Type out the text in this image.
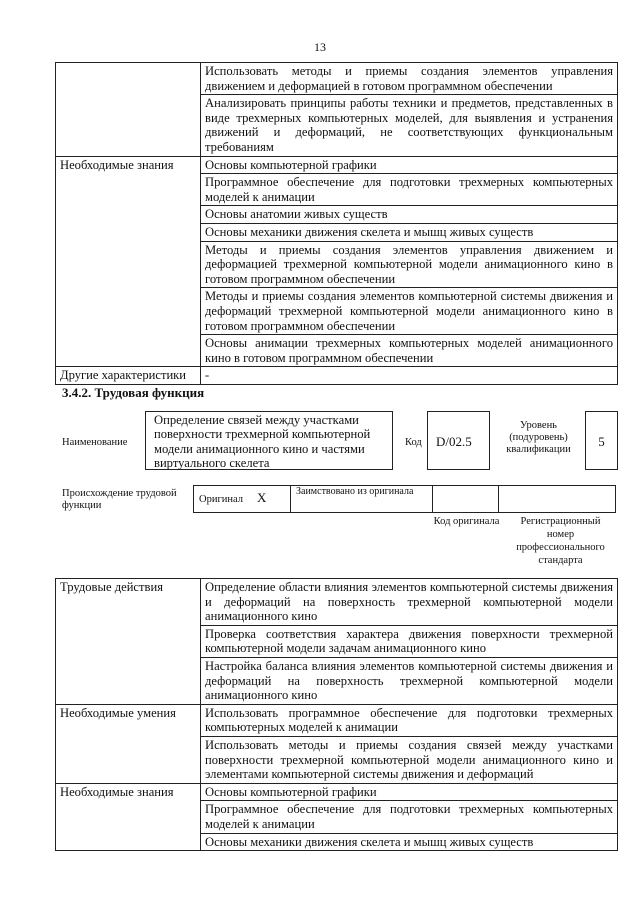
13
	Использовать методы и приемы создания элементов управления движением и деформацией в готовом программном обеспечении
	Анализировать принципы работы техники и предметов, представленных в виде трехмерных компьютерных моделей, для выявления и устранения движений и деформаций, не соответствующих функциональным требованиям
Необходимые знания	Основы компьютерной графики
	Программное обеспечение для подготовки трехмерных компьютерных моделей к анимации
	Основы анатомии живых существ
	Основы механики движения скелета и мышц живых существ
	Методы и приемы создания элементов управления движением и деформацией трехмерной компьютерной модели анимационного кино в готовом программном обеспечении
	Методы и приемы создания элементов компьютерной системы движения и деформаций трехмерной компьютерной модели анимационного кино в готовом программном обеспечении
	Основы анимации трехмерных компьютерных моделей анимационного кино в готовом программном обеспечении
Другие характеристики	-
3.4.2. Трудовая функция
Наименование
Определение связей между участками поверхности трехмерной компьютерной модели анимационного кино и частями виртуального скелета
Код	D/02.5
Уровень (подуровень) квалификации
5
Происхождение трудовой функции
Оригинал X	Заимствовано из оригинала		
Код оригинала	Регистрационный номер профессионального стандарта
Трудовые действия	Определение области влияния элементов компьютерной системы движения и деформаций на поверхность трехмерной компьютерной модели анимационного кино
	Проверка соответствия характера движения поверхности трехмерной компьютерной модели задачам анимационного кино
	Настройка баланса влияния элементов компьютерной системы движения и деформаций на поверхность трехмерной компьютерной модели анимационного кино
Необходимые умения	Использовать программное обеспечение для подготовки трехмерных компьютерных моделей к анимации
	Использовать методы и приемы создания связей между участками поверхности трехмерной компьютерной модели анимационного кино и элементами компьютерной системы движения и деформаций
Необходимые знания	Основы компьютерной графики
	Программное обеспечение для подготовки трехмерных компьютерных моделей к анимации
	Основы механики движения скелета и мышц живых существ
